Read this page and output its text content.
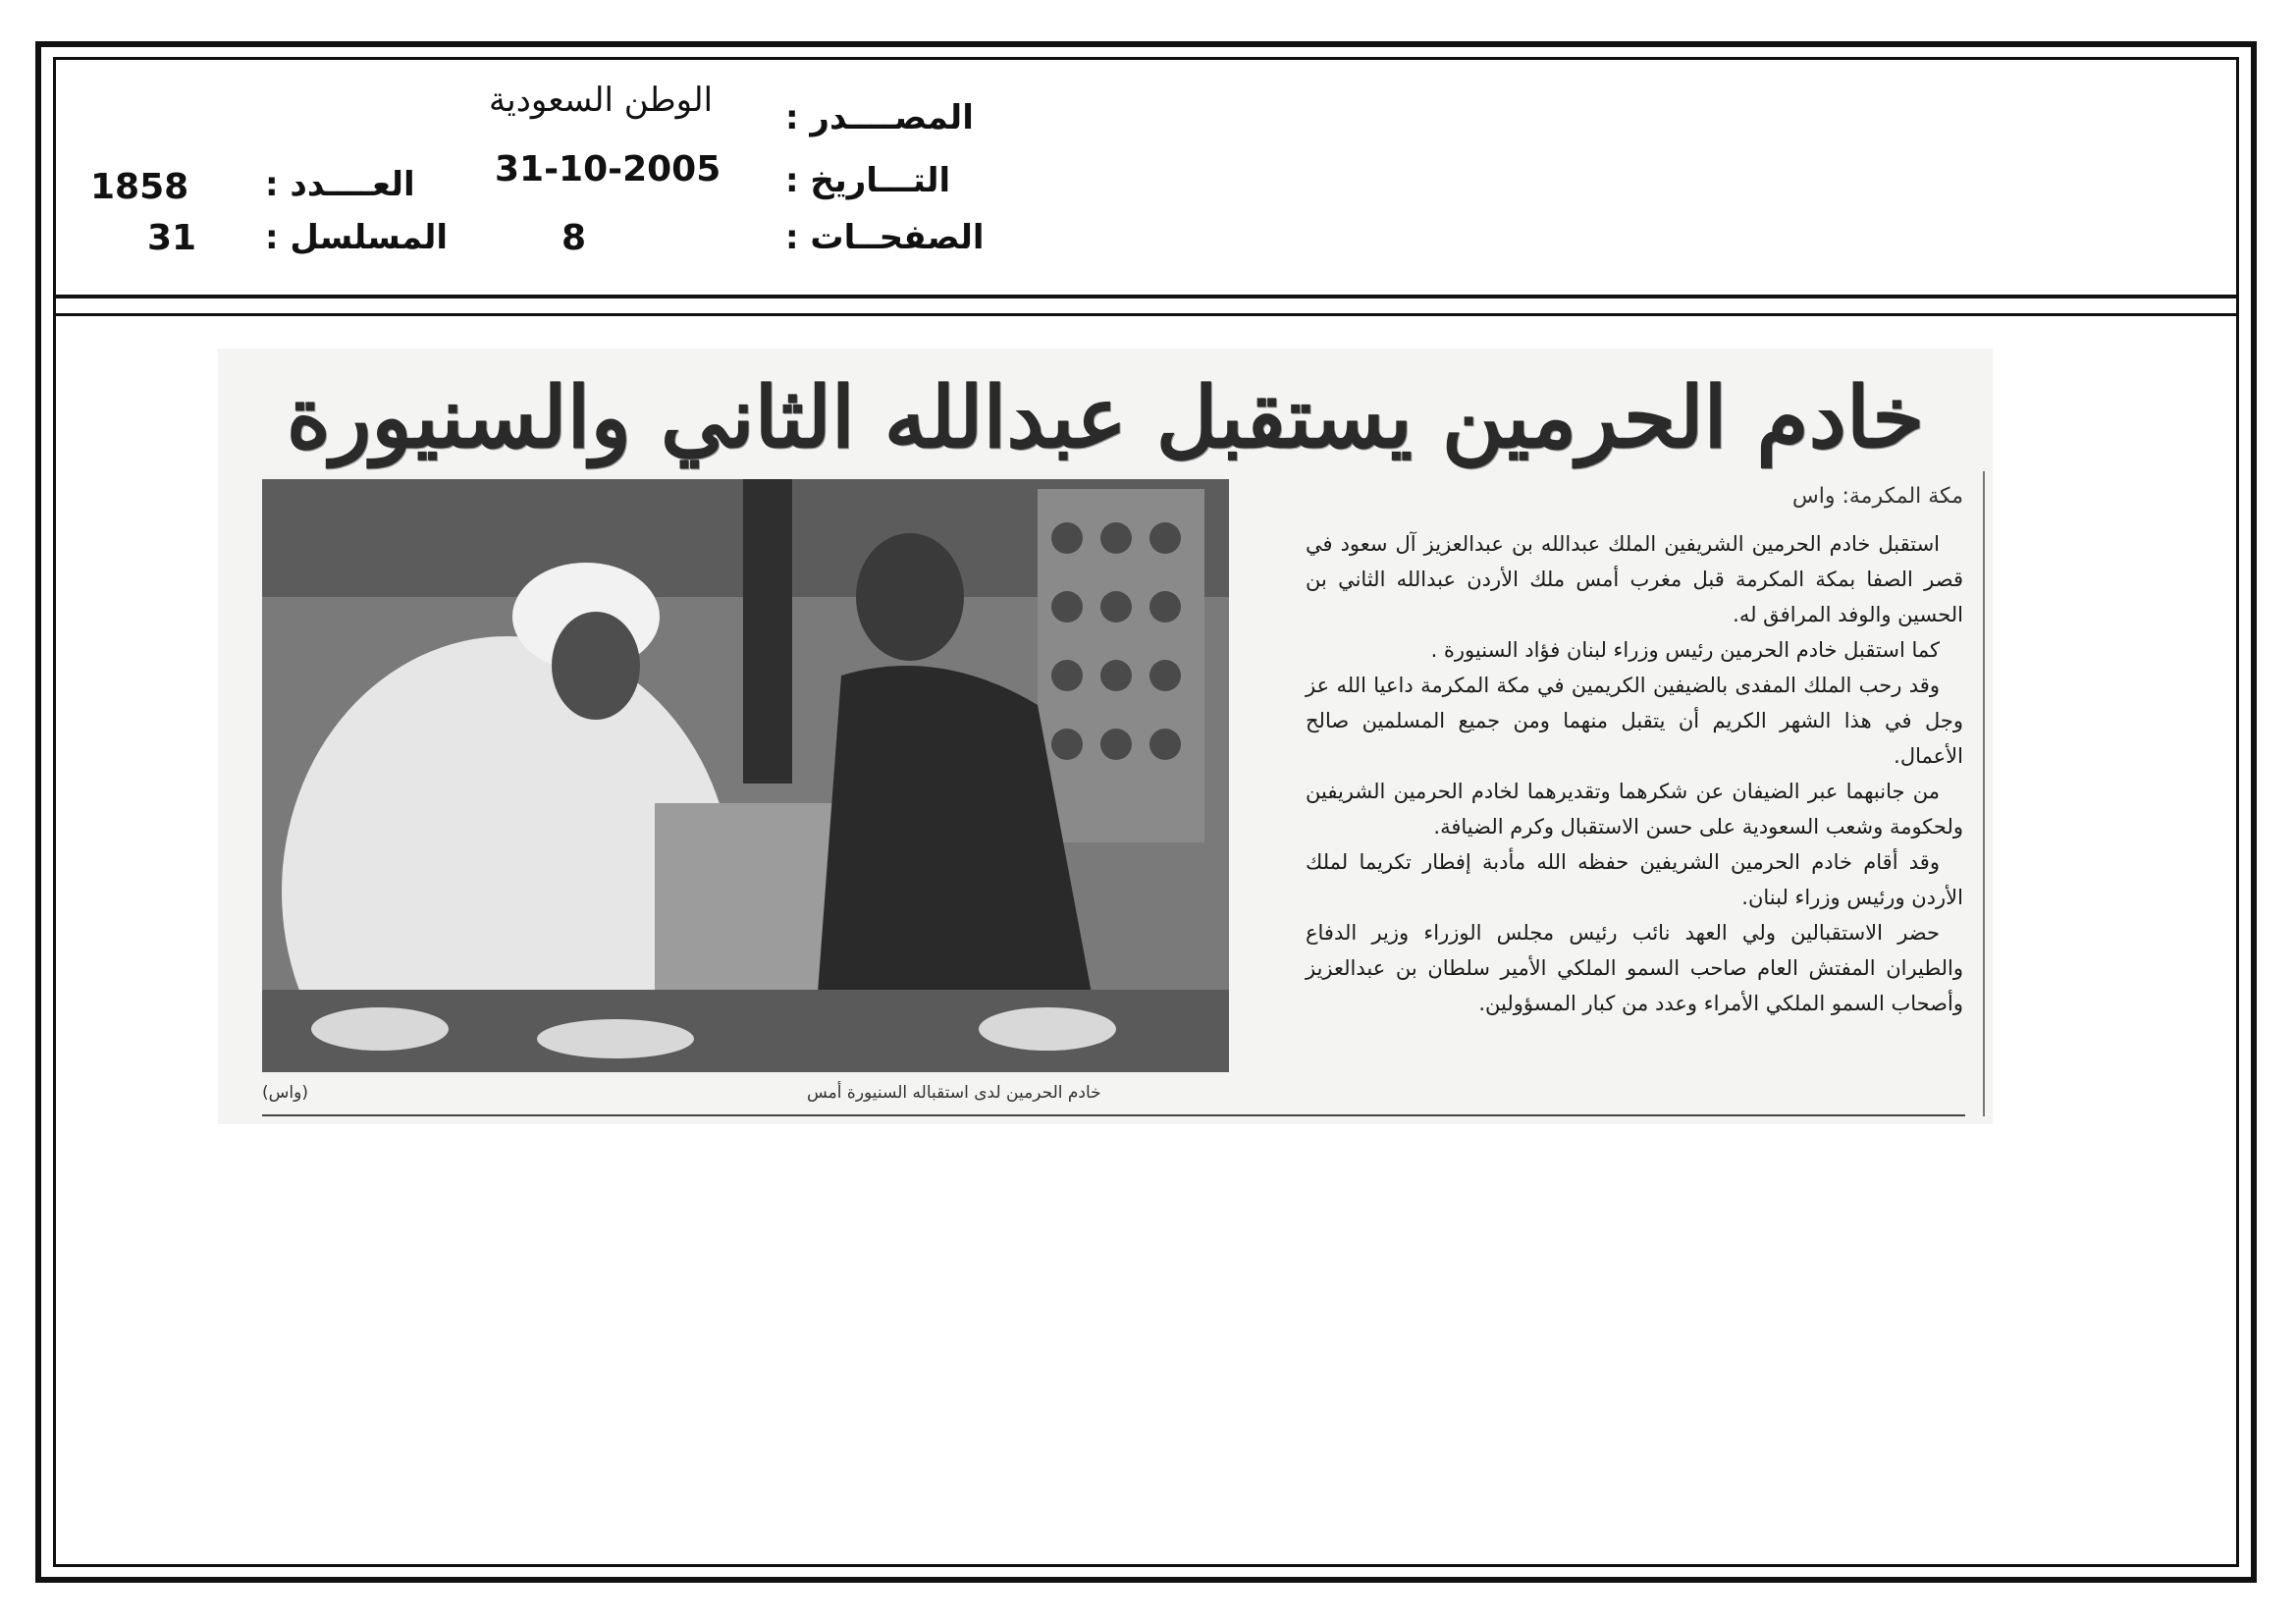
المصــــدر :
الوطن السعودية
التـــاريخ :
31-10-2005
الصفحــات :
8
العــــدد :
1858
المسلسل :
31
خادم الحرمين يستقبل عبدالله الثاني والسنيورة
خادم الحرمين لدى استقباله السنيورة أمس
(واس)
مكة المكرمة: واس

استقبل خادم الحرمين الشريفين الملك عبدالله بن عبدالعزيز آل سعود في قصر الصفا بمكة المكرمة قبل مغرب أمس ملك الأردن عبدالله الثاني بن الحسين والوفد المرافق له.

كما استقبل خادم الحرمين رئيس وزراء لبنان فؤاد السنيورة .

وقد رحب الملك المفدى بالضيفين الكريمين في مكة المكرمة داعيا الله عز وجل في هذا الشهر الكريم أن يتقبل منهما ومن جميع المسلمين صالح الأعمال.

من جانبهما عبر الضيفان عن شكرهما وتقديرهما لخادم الحرمين الشريفين ولحكومة وشعب السعودية على حسن الاستقبال وكرم الضيافة.

وقد أقام خادم الحرمين الشريفين حفظه الله مأدبة إفطار تكريما لملك الأردن ورئيس وزراء لبنان.

حضر الاستقبالين ولي العهد نائب رئيس مجلس الوزراء وزير الدفاع والطيران المفتش العام صاحب السمو الملكي الأمير سلطان بن عبدالعزيز وأصحاب السمو الملكي الأمراء وعدد من كبار المسؤولين.
